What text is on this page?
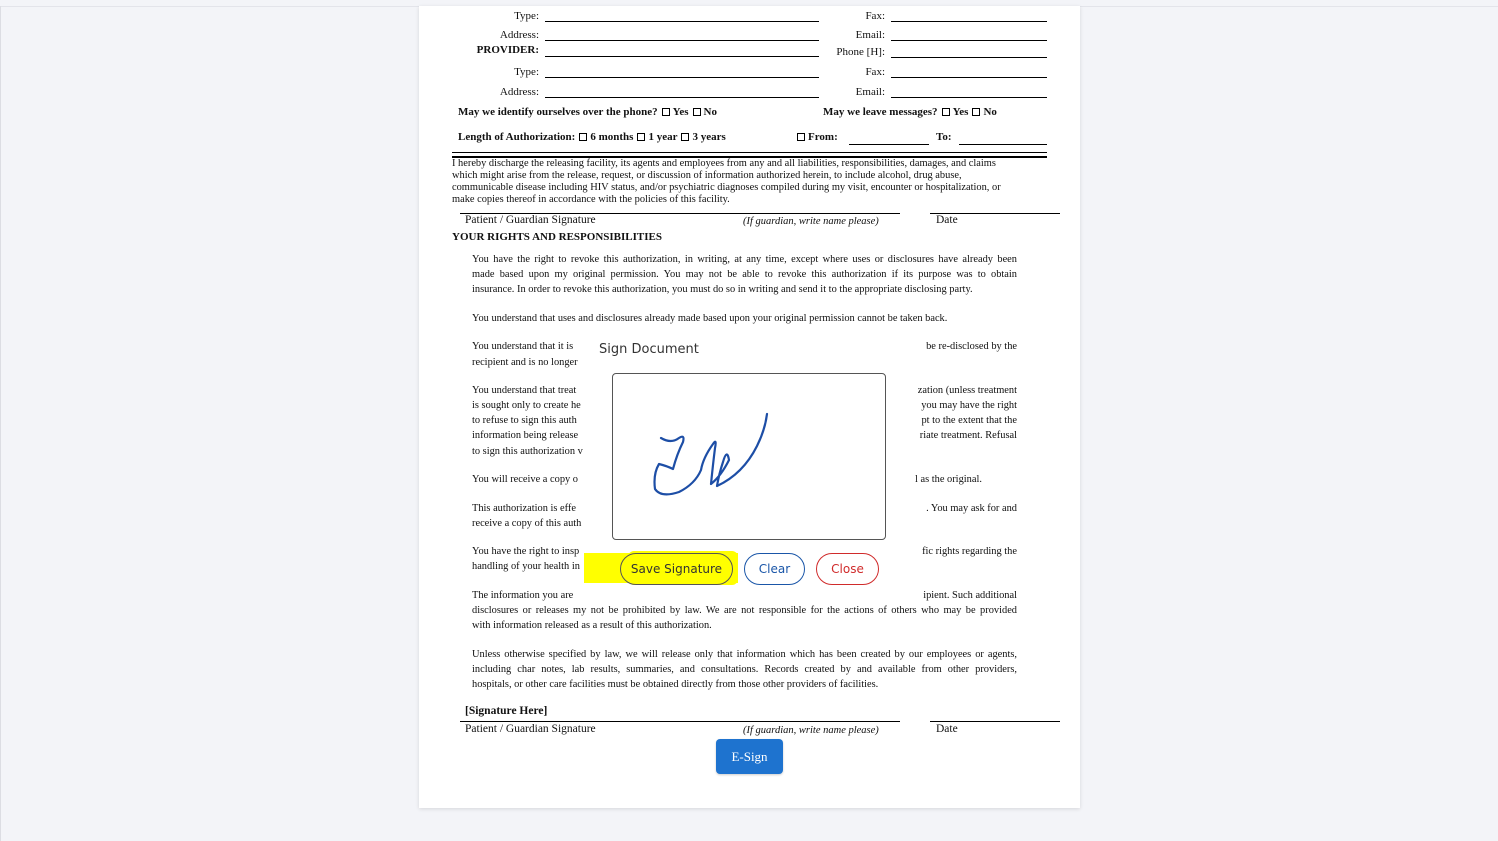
Type:	Fax:
Address:	Email:
PROVIDER:	Phone [H]:
Type:	Fax:
Address:	Email:
May we identify ourselves over the phone? Yes No	May we leave messages? Yes No
Length of Authorization: 6 months 1 year 3 years	From:	To:
I hereby discharge the releasing facility, its agents and employees from any and all liabilities, responsibilities, damages, and claims
which might arise from the release, request, or discussion of information authorized herein, to include alcohol, drug abuse,
communicable disease including HIV status, and/or psychiatric diagnoses compiled during my visit, encounter or hospitalization, or
make copies thereof in accordance with the policies of this facility.
Patient / Guardian Signature	(If guardian, write name please)	Date
YOUR RIGHTS AND RESPONSIBILITIES
You have the right to revoke this authorization, in writing, at any time, except where uses or disclosures have already been
made based upon my original permission. You may not be able to revoke this authorization if its purpose was to obtain
insurance. In order to revoke this authorization, you must do so in writing and send it to the appropriate disclosing party.
You understand that uses and disclosures already made based upon your original permission cannot be taken back.
You understand that it is	be re-disclosed by the
recipient and is no longer
You understand that treat	zation (unless treatment
is sought only to create he	you may have the right
to refuse to sign this auth	pt to the extent that the
information being release	riate treatment. Refusal
to sign this authorization v
You will receive a copy o	l as the original.
This authorization is effe	. You may ask for and
receive a copy of this auth
You have the right to insp	fic rights regarding the
handling of your health in
The information you are	ipient. Such additional
disclosures or releases my not be prohibited by law. We are not responsible for the actions of others who may be provided
with information released as a result of this authorization.
Unless otherwise specified by law, we will release only that information which has been created by our employees or agents,
including char notes, lab results, summaries, and consultations. Records created by and available from other providers,
hospitals, or other care facilities must be obtained directly from those other providers of facilities.
[Signature Here]
Patient / Guardian Signature	(If guardian, write name please)	Date
E-Sign
Sign Document
Save Signature	Clear	Close
